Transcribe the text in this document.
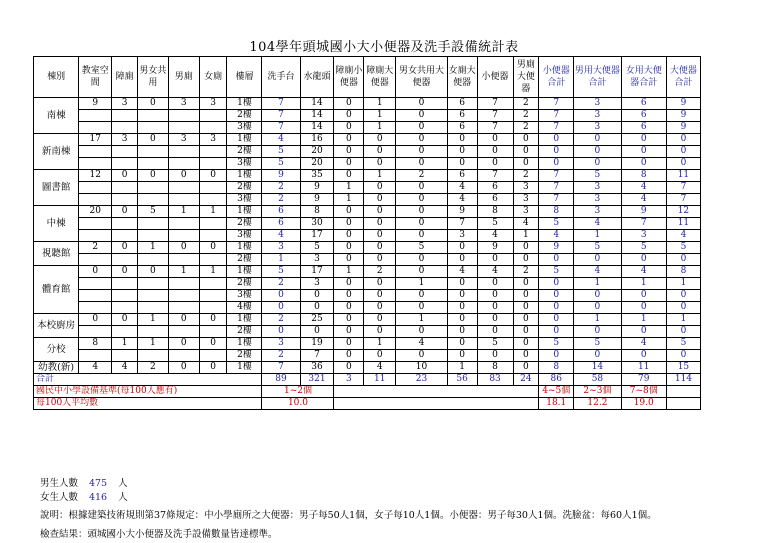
104學年頭城國小大小便器及洗手設備統計表
棟別	教室空間	障廁	男女共用	男廁	女廁	樓層	洗手台	水龍頭	障廁小便器	障廁大便器	男女共用大便器	女廁大便器	小便器	男廁大便器	小便器合計	男用大便器合計	女用大便器合計	大便器合計
南棟	9	3	0	3	3	1樓	7	14	0	1	0	6	7	2	7	3	6	9
						2樓	7	14	0	1	0	6	7	2	7	3	6	9
						3樓	7	14	0	1	0	6	7	2	7	3	6	9
新南棟	17	3	0	3	3	1樓	4	16	0	0	0	0	0	0	0	0	0	0
						2樓	5	20	0	0	0	0	0	0	0	0	0	0
						3樓	5	20	0	0	0	0	0	0	0	0	0	0
圖書館	12	0	0	0	0	1樓	9	35	0	1	2	6	7	2	7	5	8	11
						2樓	2	9	1	0	0	4	6	3	7	3	4	7
						3樓	2	9	1	0	0	4	6	3	7	3	4	7
中棟	20	0	5	1	1	1樓	6	8	0	0	0	9	8	3	8	3	9	12
						2樓	6	30	0	0	0	7	5	4	5	4	7	11
						3樓	4	17	0	0	0	3	4	1	4	1	3	4
視聽館	2	0	1	0	0	1樓	3	5	0	0	5	0	9	0	9	5	5	5
						2樓	1	3	0	0	0	0	0	0	0	0	0	0
體育館	0	0	0	1	1	1樓	5	17	1	2	0	4	4	2	5	4	4	8
						2樓	2	3	0	0	1	0	0	0	0	1	1	1
						3樓	0	0	0	0	0	0	0	0	0	0	0	0
						4樓	0	0	0	0	0	0	0	0	0	0	0	0
本校廚房	0	0	1	0	0	1樓	2	25	0	0	1	0	0	0	0	1	1	1
						2樓	0	0	0	0	0	0	0	0	0	0	0	0
分校	8	1	1	0	0	1樓	3	19	0	1	4	0	5	0	5	5	4	5
						2樓	2	7	0	0	0	0	0	0	0	0	0	0
幼教(新)	4	4	2	0	0	1樓	7	36	0	4	10	1	8	0	8	14	11	15
合計							89	321	3	11	23	56	83	24	86	58	79	114
國民中小學設備基準(每100人應有)							1~2個								4~5個	2~3個	7~8個	
每100人平均數							10.0								18.1	12.2	19.0	
男生人數 475 人
女生人數 416 人
說明：根據建築技術規則第37條規定：中小學廁所之大便器：男子每50人1個，女子每10人1個。小便器：男子每30人1個。洗臉盆：每60人1個。
檢查結果：頭城國小大小便器及洗手設備數量皆達標準。
